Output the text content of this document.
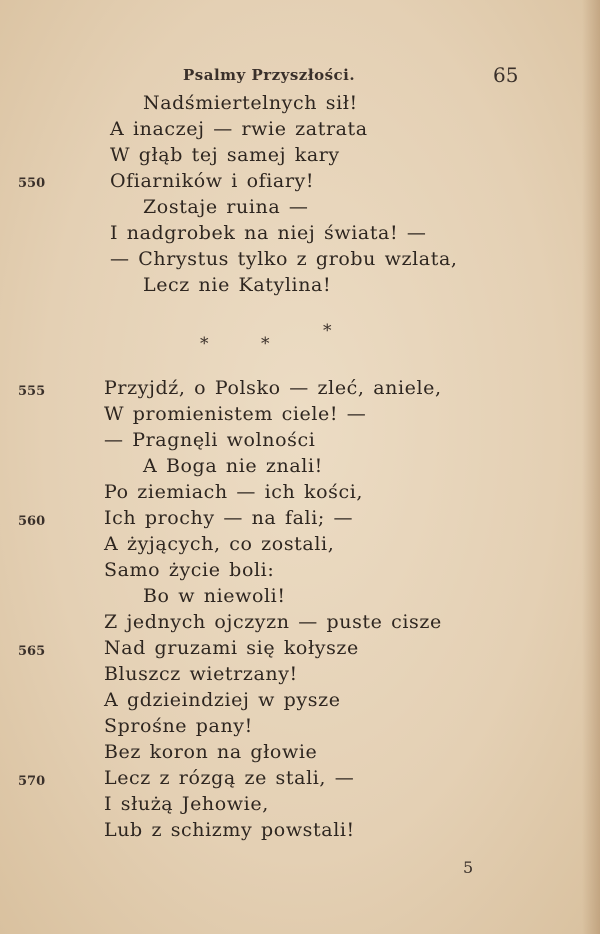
Psalmy Przyszłości.	65
Nadśmiertelnych sił!
A inaczej — rwie zatrata
W głąb tej samej kary
Ofiarników i ofiary!
Zostaje ruina —
I nadgrobek na niej świata! —
— Chrystus tylko z grobu wzlata,
Lecz nie Katylina!
*
*	*
Przyjdź, o Polsko — zleć, aniele,
W promienistem ciele! —
— Pragnęli wolności
A Boga nie znali!
Po ziemiach — ich kości,
Ich prochy — na fali; —
A żyjących, co zostali,
Samo życie boli:
Bo w niewoli!
Z jednych ojczyzn — puste cisze
Nad gruzami się kołysze
Bluszcz wietrzany!
A gdzieindziej w pysze
Sprośne pany!
Bez koron na głowie
Lecz z rózgą ze stali, —
I służą Jehowie,
Lub z schizmy powstali!
550
555
560
565
570
5
